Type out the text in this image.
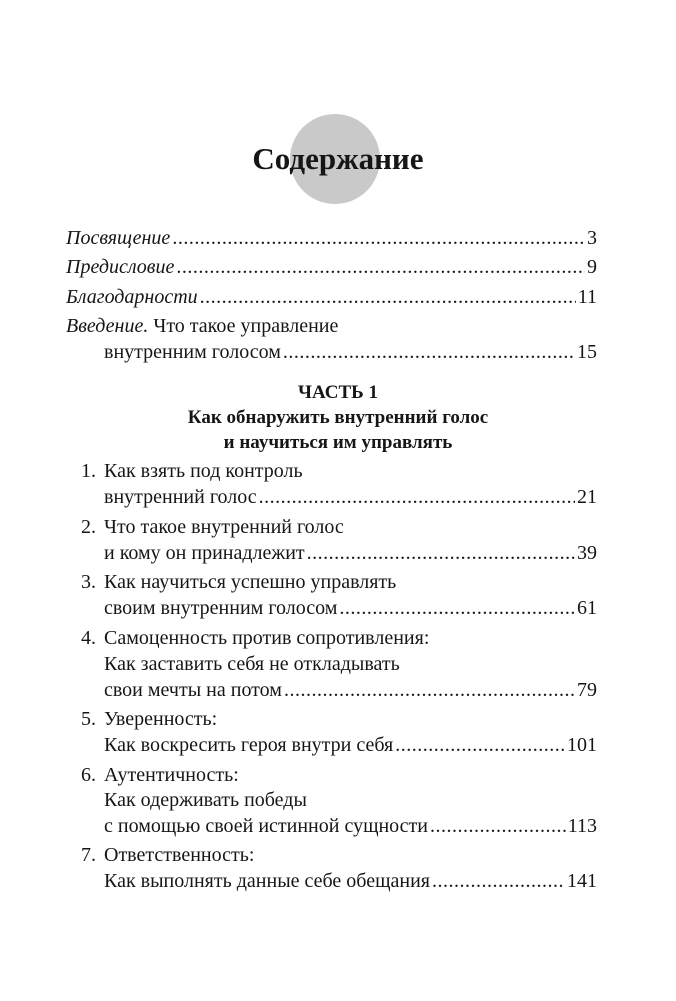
Содержание
Посвящение .....	3
Предисловие .....	9
Благодарности .....	11
Введение. Что такое управление
внутренним голосом .....	15
ЧАСТЬ 1
Как обнаружить внутренний голос
и научиться им управлять
1. Как взять под контроль
внутренний голос .....	21
2. Что такое внутренний голос
и кому он принадлежит .....	39
3. Как научиться успешно управлять
своим внутренним голосом .....	61
4. Самоценность против сопротивления:
Как заставить себя не откладывать
свои мечты на потом .....	79
5. Уверенность:
Как воскресить героя внутри себя .....	101
6. Аутентичность:
Как одерживать победы
с помощью своей истинной сущности .....	113
7. Ответственность:
Как выполнять данные себе обещания .....	141
